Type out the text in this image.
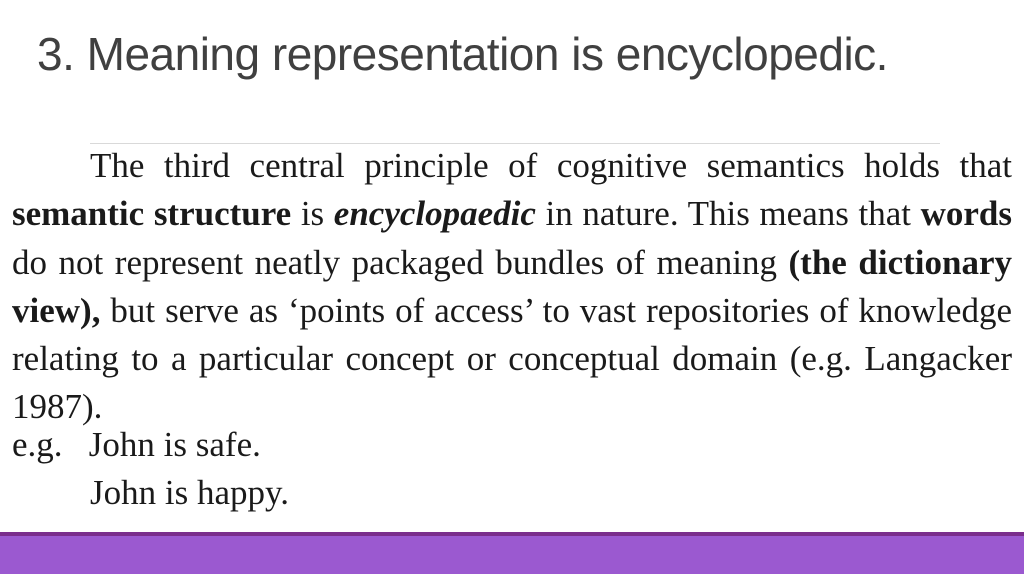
3. Meaning representation is encyclopedic.

The third central principle of cognitive semantics holds that semantic structure is encyclopaedic in nature. This means that words do not represent neatly packaged bundles of meaning (the dictionary view), but serve as ‘points of access’ to vast repositories of knowledge relating to a particular concept or conceptual domain (e.g. Langacker 1987).

e.g. John is safe.
John is happy.
